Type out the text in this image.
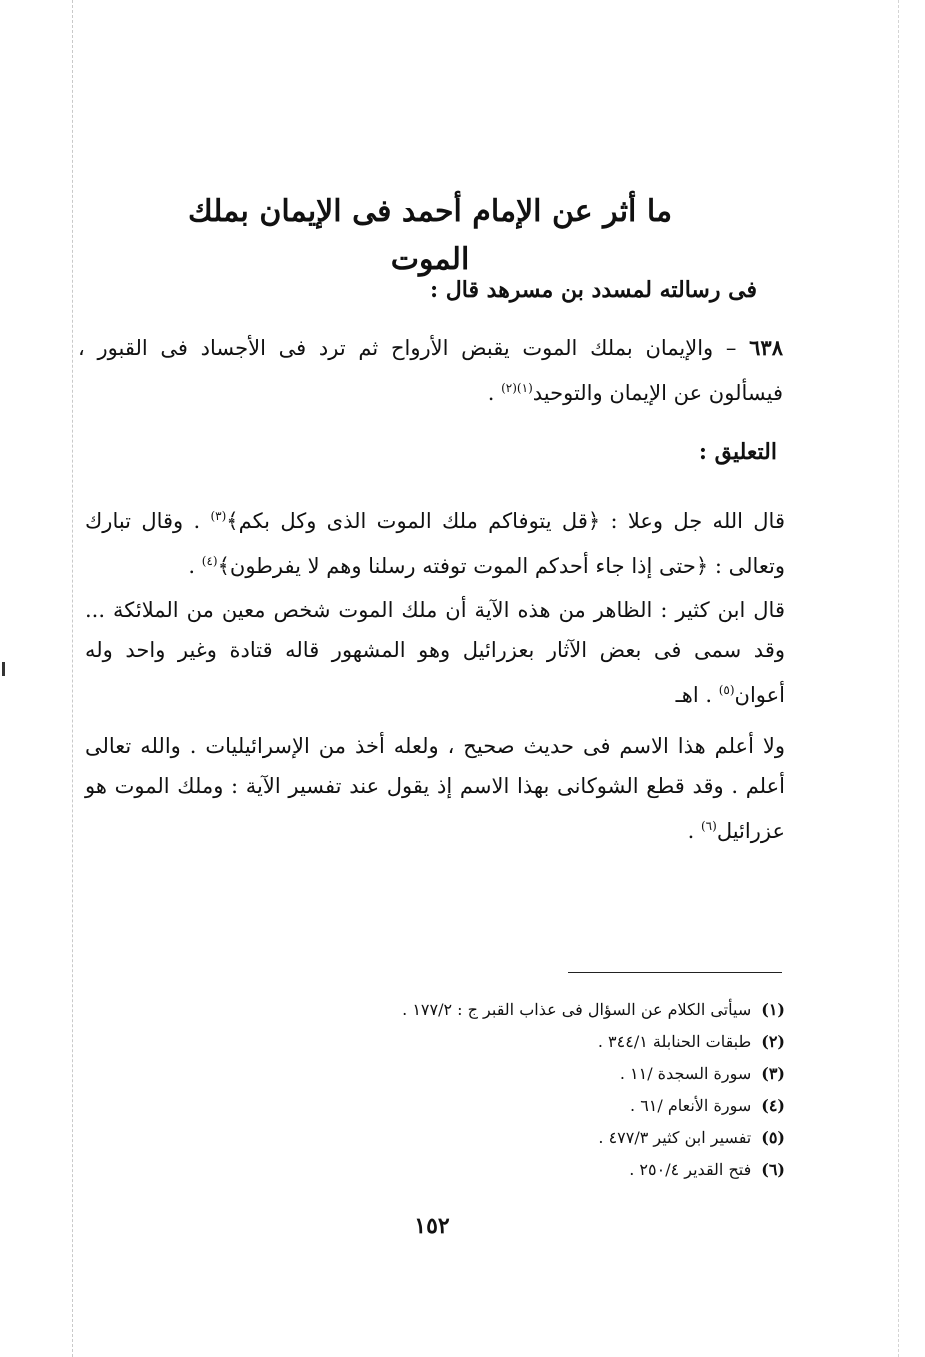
ما أثر عن الإمام أحمد فى الإيمان بملك الموت
فى رسالته لمسدد بن مسرهد قال :

٦٣٨ – والإيمان بملك الموت يقبض الأرواح ثم ترد فى الأجساد فى القبور ، فيسألون عن الإيمان والتوحيد$^{(١)(٢)}$ .

التعليق :

قال الله جل وعلا : ﴿قل يتوفاكم ملك الموت الذى وكل بكم﴾$^{(٣)}$ . وقال تبارك وتعالى : ﴿حتى إذا جاء أحدكم الموت توفته رسلنا وهم لا يفرطون﴾$^{(٤)}$ .

قال ابن كثير : الظاهر من هذه الآية أن ملك الموت شخص معين من الملائكة ... وقد سمى فى بعض الآثار بعزرائيل وهو المشهور قاله قتادة وغير واحد وله أعوان$^{(٥)}$ . اهـ

ولا أعلم هذا الاسم فى حديث صحيح ، ولعله أخذ من الإسرائيليات . والله تعالى أعلم . وقد قطع الشوكانى بهذا الاسم إذ يقول عند تفسير الآية : وملك الموت هو عزرائيل$^{(٦)}$ .

(١)سيأتى الكلام عن السؤال فى عذاب القبر ج : ١٧٧/٢ .
(٢)طبقات الحنابلة ٣٤٤/١ .
(٣)سورة السجدة /١١ .
(٤)سورة الأنعام /٦١ .
(٥)تفسير ابن كثير ٤٧٧/٣ .
(٦)فتح القدير ٢٥٠/٤ .
١٥٢
